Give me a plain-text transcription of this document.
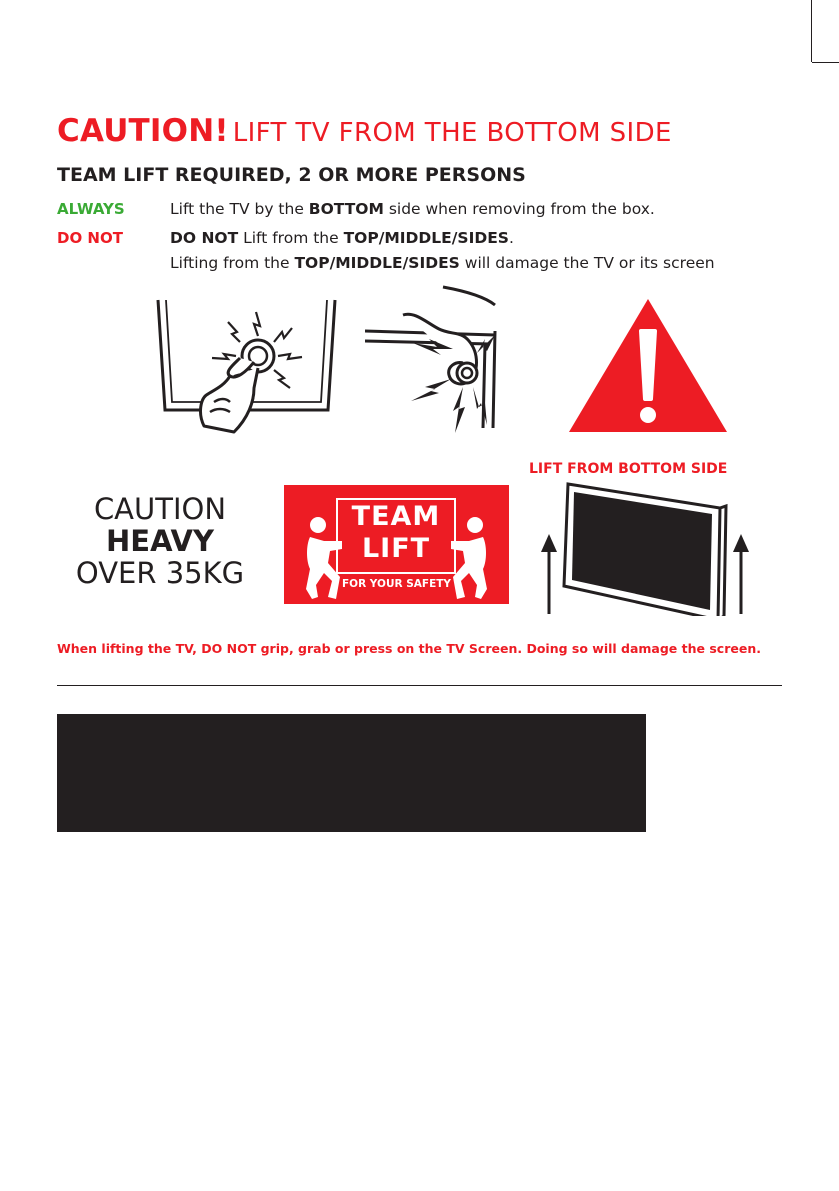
CAUTION! LIFT TV FROM THE BOTTOM SIDE
TEAM LIFT REQUIRED, 2 OR MORE PERSONS
ALWAYS	Lift the TV by the BOTTOM side when removing from the box.
DO NOT	DO NOT Lift from the TOP/MIDDLE/SIDES.
Lifting from the TOP/MIDDLE/SIDES will damage the TV or its screen
CAUTION
HEAVY
OVER 35KG
TEAM
LIFT
FOR YOUR SAFETY
LIFT FROM BOTTOM SIDE
When lifting the TV, DO NOT grip, grab or press on the TV Screen. Doing so will damage the screen.
